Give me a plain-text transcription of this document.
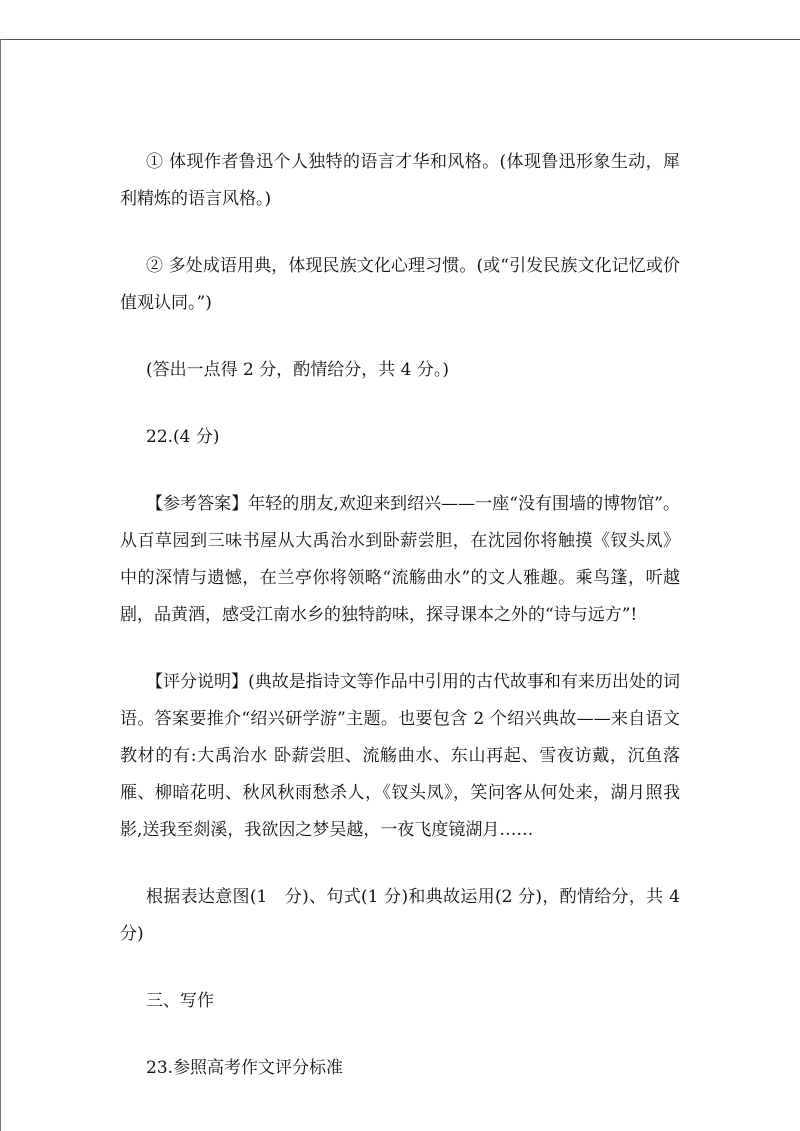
① 体现作者鲁迅个人独特的语言才华和风格。(体现鲁迅形象生动，犀利精炼的语言风格。)

② 多处成语用典，体现民族文化心理习惯。(或“引发民族文化记忆或价值观认同。”)

(答出一点得 2 分，酌情给分，共 4 分。)

22.(4 分)

【参考答案】年轻的朋友,欢迎来到绍兴——一座“没有围墙的博物馆”。从百草园到三味书屋从大禹治水到卧薪尝胆，在沈园你将触摸《钗头凤》中的深情与遗憾，在兰亭你将领略“流觞曲水”的文人雅趣。乘鸟篷，听越剧，品黄酒，感受江南水乡的独特韵味，探寻课本之外的“诗与远方”!

【评分说明】(典故是指诗文等作品中引用的古代故事和有来历出处的词语。答案要推介“绍兴研学游”主题。也要包含 2 个绍兴典故——来自语文教材的有:大禹治水 卧薪尝胆、流觞曲水、东山再起、雪夜访戴，沉鱼落雁、柳暗花明、秋风秋雨愁杀人，《钗头凤》，笑问客从何处来，湖月照我影,送我至剡溪，我欲因之梦吴越，一夜飞度镜湖月……

根据表达意图(1　分)、句式(1 分)和典故运用(2 分)，酌情给分，共 4 分)

三、写作

23.参照高考作文评分标准
